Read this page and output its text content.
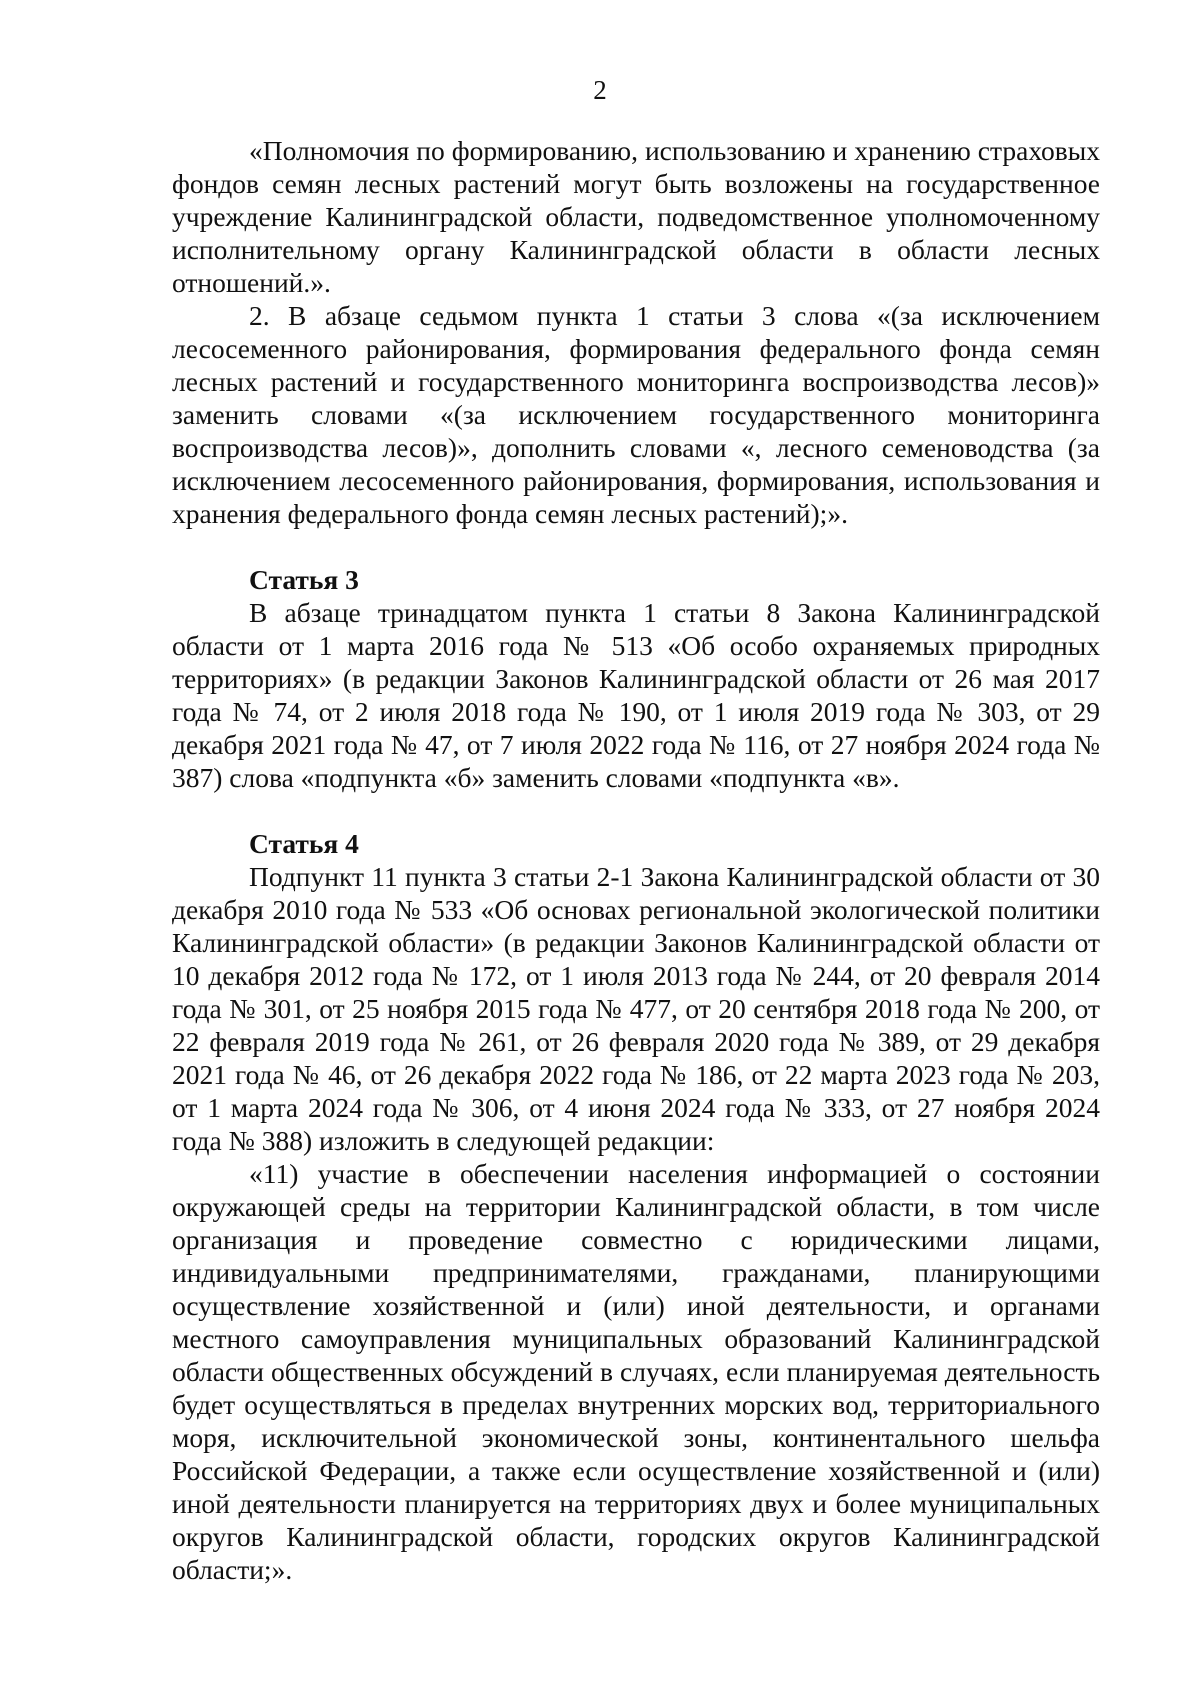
2

«Полномочия по формированию, использованию и хранению страховых фондов семян лесных растений могут быть возложены на государственное учреждение Калининградской области, подведомственное уполномоченному исполнительному органу Калининградской области в области лесных отношений.».

2. В абзаце седьмом пункта 1 статьи 3 слова «(за исключением лесосеменного районирования, формирования федерального фонда семян лесных растений и государственного мониторинга воспроизводства лесов)» заменить словами «(за исключением государственного мониторинга воспроизводства лесов)», дополнить словами «, лесного семеноводства (за исключением лесосеменного районирования, формирования, использования и хранения федерального фонда семян лесных растений);».

Статья 3

В абзаце тринадцатом пункта 1 статьи 8 Закона Калининградской области от 1 марта 2016 года № 513 «Об особо охраняемых природных территориях» (в редакции Законов Калининградской области от 26 мая 2017 года № 74, от 2 июля 2018 года № 190, от 1 июля 2019 года № 303, от 29 декабря 2021 года № 47, от 7 июля 2022 года № 116, от 27 ноября 2024 года № 387) слова «подпункта «б» заменить словами «подпункта «в».

Статья 4

Подпункт 11 пункта 3 статьи 2-1 Закона Калининградской области от 30 декабря 2010 года № 533 «Об основах региональной экологической политики Калининградской области» (в редакции Законов Калининградской области от 10 декабря 2012 года № 172, от 1 июля 2013 года № 244, от 20 февраля 2014 года № 301, от 25 ноября 2015 года № 477, от 20 сентября 2018 года № 200, от 22 февраля 2019 года № 261, от 26 февраля 2020 года № 389, от 29 декабря 2021 года № 46, от 26 декабря 2022 года № 186, от 22 марта 2023 года № 203, от 1 марта 2024 года № 306, от 4 июня 2024 года № 333, от 27 ноября 2024 года № 388) изложить в следующей редакции:

«11) участие в обеспечении населения информацией о состоянии окружающей среды на территории Калининградской области, в том числе организация и проведение совместно с юридическими лицами, индивидуальными предпринимателями, гражданами, планирующими осуществление хозяйственной и (или) иной деятельности, и органами местного самоуправления муниципальных образований Калининградской области общественных обсуждений в случаях, если планируемая деятельность будет осуществляться в пределах внутренних морских вод, территориального моря, исключительной экономической зоны, континентального шельфа Российской Федерации, а также если осуществление хозяйственной и (или) иной деятельности планируется на территориях двух и более муниципальных округов Калининградской области, городских округов Калининградской области;».
